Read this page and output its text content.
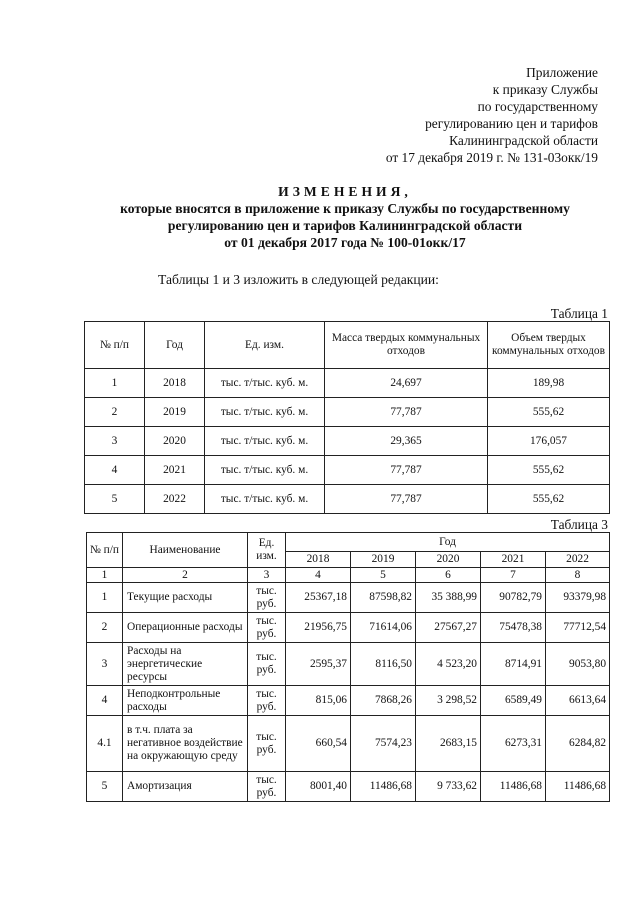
Приложение
к приказу Службы
по государственному
регулированию цен и тарифов
Калининградской области
от 17 декабря 2019 г. № 131-03окк/19
ИЗМЕНЕНИЯ,
которые вносятся в приложение к приказу Службы по государственному
регулированию цен и тарифов Калининградской области
от 01 декабря 2017 года № 100-01окк/17
Таблицы 1 и 3 изложить в следующей редакции:
Таблица 1
№ п/п	Год	Ед. изм.	Масса твердых коммунальных отходов	Объем твердых коммунальных отходов
1	2018	тыс. т/тыс. куб. м.	24,697	189,98
2	2019	тыс. т/тыс. куб. м.	77,787	555,62
3	2020	тыс. т/тыс. куб. м.	29,365	176,057
4	2021	тыс. т/тыс. куб. м.	77,787	555,62
5	2022	тыс. т/тыс. куб. м.	77,787	555,62
Таблица 3
№ п/п	Наименование	Ед. изм.	Год				
			2018	2019	2020	2021	2022
1	2	3	4	5	6	7	8
1	Текущие расходы	тыс. руб.	25367,18	87598,82	35 388,99	90782,79	93379,98
2	Операционные расходы	тыс. руб.	21956,75	71614,06	27567,27	75478,38	77712,54
3	Расходы на энергетические ресурсы	тыс. руб.	2595,37	8116,50	4 523,20	8714,91	9053,80
4	Неподконтрольные расходы	тыс. руб.	815,06	7868,26	3 298,52	6589,49	6613,64
4.1	в т.ч. плата за негативное воздействие на окружающую среду	тыс. руб.	660,54	7574,23	2683,15	6273,31	6284,82
5	Амортизация	тыс. руб.	8001,40	11486,68	9 733,62	11486,68	11486,68
